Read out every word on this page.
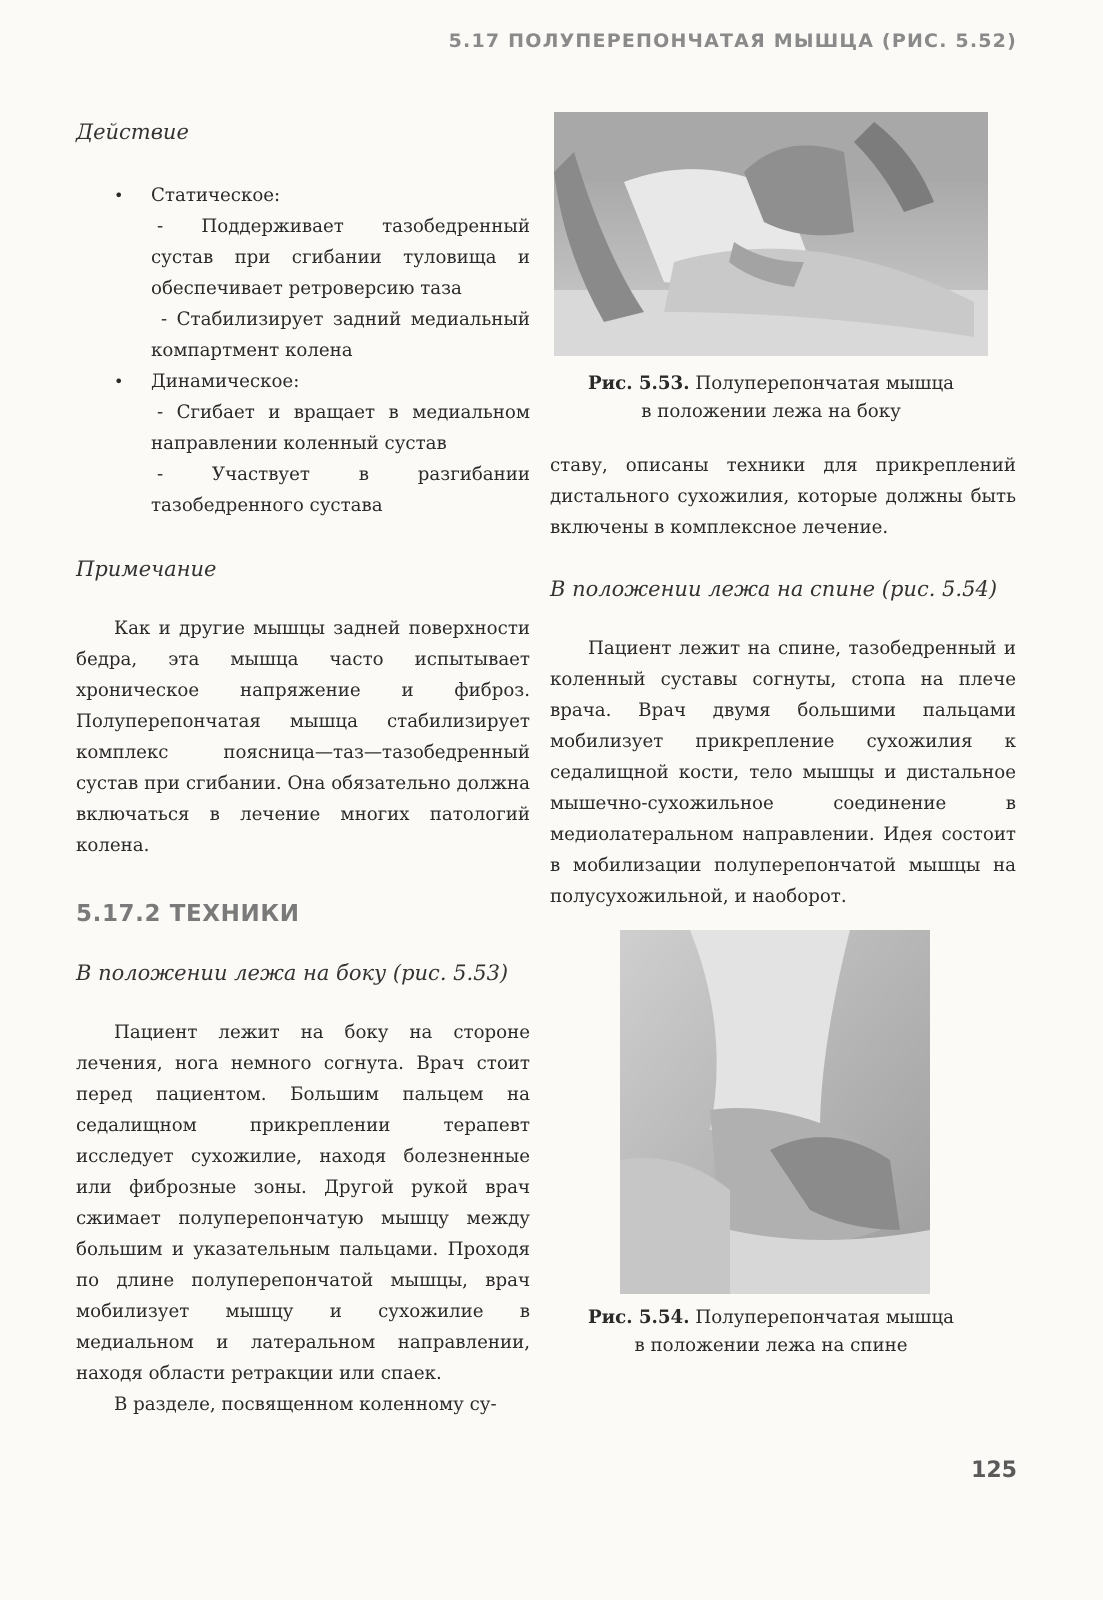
5.17 ПОЛУПЕРЕПОНЧАТАЯ МЫШЦА (РИС. 5.52)

Действие

• Статическое:
- Поддерживает тазобедренный сустав при сгибании туловища и обеспечивает ретроверсию таза
- Стабилизирует задний медиальный компартмент колена
• Динамическое:
- Сгибает и вращает в медиальном направлении коленный сустав
- Участвует в разгибании тазобедренного сустава

Примечание

Как и другие мышцы задней поверхности бедра, эта мышца часто испытывает хроническое напряжение и фиброз. Полуперепончатая мышца стабилизирует комплекс поясница—таз—тазобедренный сустав при сгибании. Она обязательно должна включаться в лечение многих патологий колена.

5.17.2 ТЕХНИКИ

В положении лежа на боку (рис. 5.53)

Пациент лежит на боку на стороне лечения, нога немного согнута. Врач стоит перед пациентом. Большим пальцем на седалищном прикреплении терапевт исследует сухожилие, находя болезненные или фиброзные зоны. Другой рукой врач сжимает полуперепончатую мышцу между большим и указательным пальцами. Проходя по длине полуперепончатой мышцы, врач мобилизует мышцу и сухожилие в медиальном и латеральном направлении, находя области ретракции или спаек.

В разделе, посвященном коленному су-

Рис. 5.53. Полуперепончатая мышца
в положении лежа на боку

ставу, описаны техники для прикреплений дистального сухожилия, которые должны быть включены в комплексное лечение.

В положении лежа на спине (рис. 5.54)

Пациент лежит на спине, тазобедренный и коленный суставы согнуты, стопа на плече врача. Врач двумя большими пальцами мобилизует прикрепление сухожилия к седалищной кости, тело мышцы и дистальное мышечно-сухожильное соединение в медиолатеральном направлении. Идея состоит в мобилизации полуперепончатой мышцы на полусухожильной, и наоборот.

Рис. 5.54. Полуперепончатая мышца
в положении лежа на спине

125
